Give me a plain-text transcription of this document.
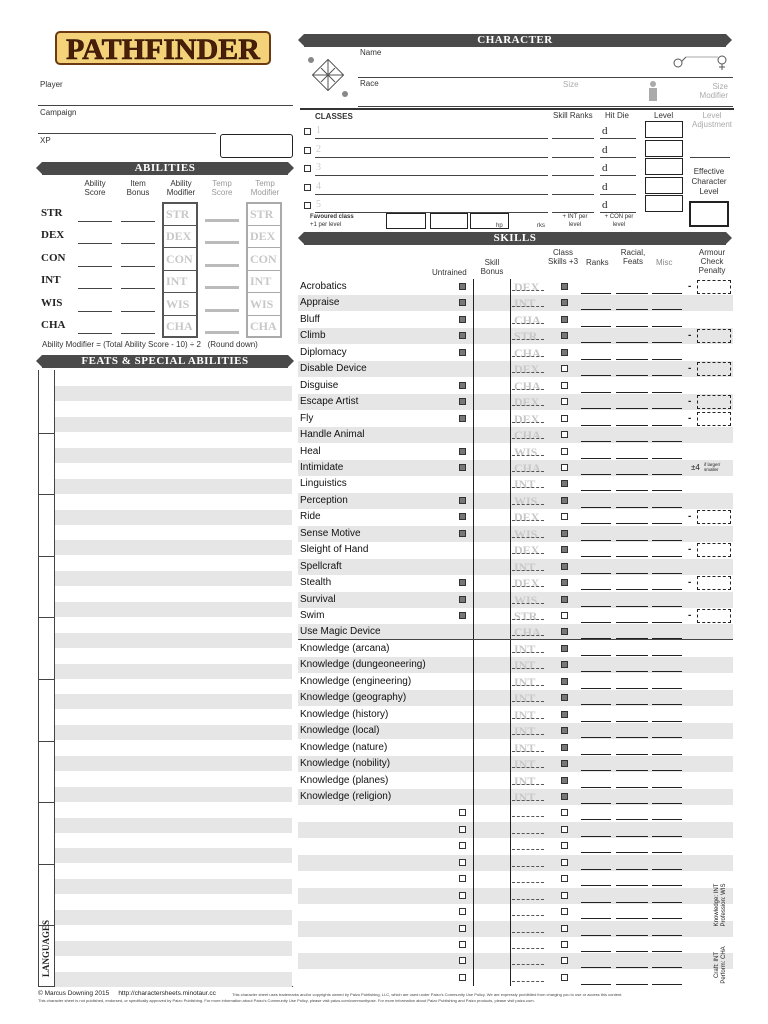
PATHFINDER
Player
Campaign
XP
CHARACTER
Name
Race	Size	Size Modifier
CLASSES	Skill Ranks Hit Die	Level	Level Adjustment
Effective Character Level
1	d
2	d
3	d
4	d
5	d
Favoured class
+1 per level	hp	rks
+ INT per level
+ CON per level
ABILITIES
Ability Score
Item Bonus
Ability Modifier
Temp Score
Temp Modifier
STR	STR	STR
DEX	DEX	DEX
CON	CON	CON
INT	INT	INT
WIS	WIS	WIS
CHA	CHA	CHA
Ability Modifier = (Total Ability Score - 10) ÷ 2 (Round down)
FEATS & SPECIAL ABILITIES
LANGUAGES
SKILLS
Untrained
Skill Bonus
Class Skills +3 Ranks
Racial, Feats	Misc
Armour Check Penalty
Acrobatics	DEX	-
Appraise	INT
Bluff	CHA
Climb	STR	-
Diplomacy	CHA
Disable Device	DEX	-
Disguise	CHA
Escape Artist	DEX	-
Fly	DEX	-
Handle Animal	CHA
Heal	WIS
Intimidate	CHA	±4 if larger/ smaller
Linguistics	INT
Perception	WIS
Ride	DEX	-
Sense Motive	WIS
Sleight of Hand	DEX	-
Spellcraft	INT
Stealth	DEX	-
Survival	WIS
Swim	STR	-
Use Magic Device	CHA
Knowledge (arcana)	INT
Knowledge (dungeoneering)	INT
Knowledge (engineering)	INT
Knowledge (geography)	INT
Knowledge (history)	INT
Knowledge (local)	INT
Knowledge (nature)	INT
Knowledge (nobility)	INT
Knowledge (planes)	INT
Knowledge (religion)	INT
Knowledge: INT
Profession: WIS
Craft: INT
Perform: CHA
© Marcus Downing 2015 http://charactersheets.minotaur.cc	This character sheet uses trademarks and/or copyrights owned by Paizo Publishing, LLC, which are used under Paizo's Community Use Policy. We are expressly prohibited from charging you to use or access this content.
This character sheet is not published, endorsed, or specifically approved by Paizo Publishing. For more information about Paizo's Community Use Policy, please visit paizo.com/communityuse. For more information about Paizo Publishing and Paizo products, please visit paizo.com.
